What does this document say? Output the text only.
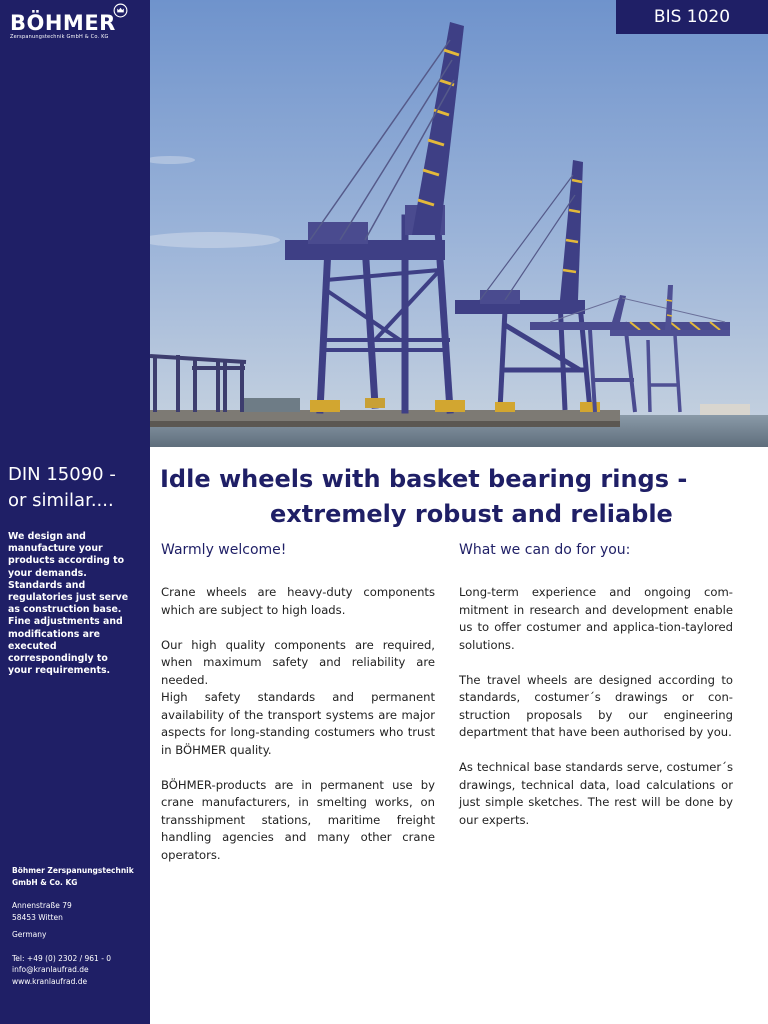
BÖHMER
Zerspanungstechnik GmbH & Co. KG
DIN 15090 -
or similar....
We design and manufacture your products according to your demands. Standards and regulatories just serve as construction base. Fine adjustments and modifications are executed correspondingly to your requirements.
Böhmer Zerspanungstechnik
GmbH & Co. KG
Annenstraße 79
58453 Witten
Germany
Tel: +49 (0) 2302 / 961 - 0
info@kranlaufrad.de
www.kranlaufrad.de
BIS 1020
Idle wheels with basket bearing rings -
extremely robust and reliable
Warmly welcome!

Crane wheels are heavy-duty components which are subject to high loads.

Our high quality components are required, when maximum safety and reliability are needed.

High safety standards and permanent availability of the transport systems are major aspects for long-standing costumers who trust in BÖHMER quality.

BÖHMER-products are in permanent use by crane manufacturers, in smelting works, on transshipment stations, maritime freight handling agencies and many other crane operators.

What we can do for you:

Long-term experience and ongoing com-mitment in research and development enable us to offer costumer and applica-tion-taylored solutions.

The travel wheels are designed according to standards, costumer´s drawings or con-struction proposals by our engineering department that have been authorised by you.

As technical base standards serve, costumer´s drawings, technical data, load calculations or just simple sketches. The rest will be done by our experts.
